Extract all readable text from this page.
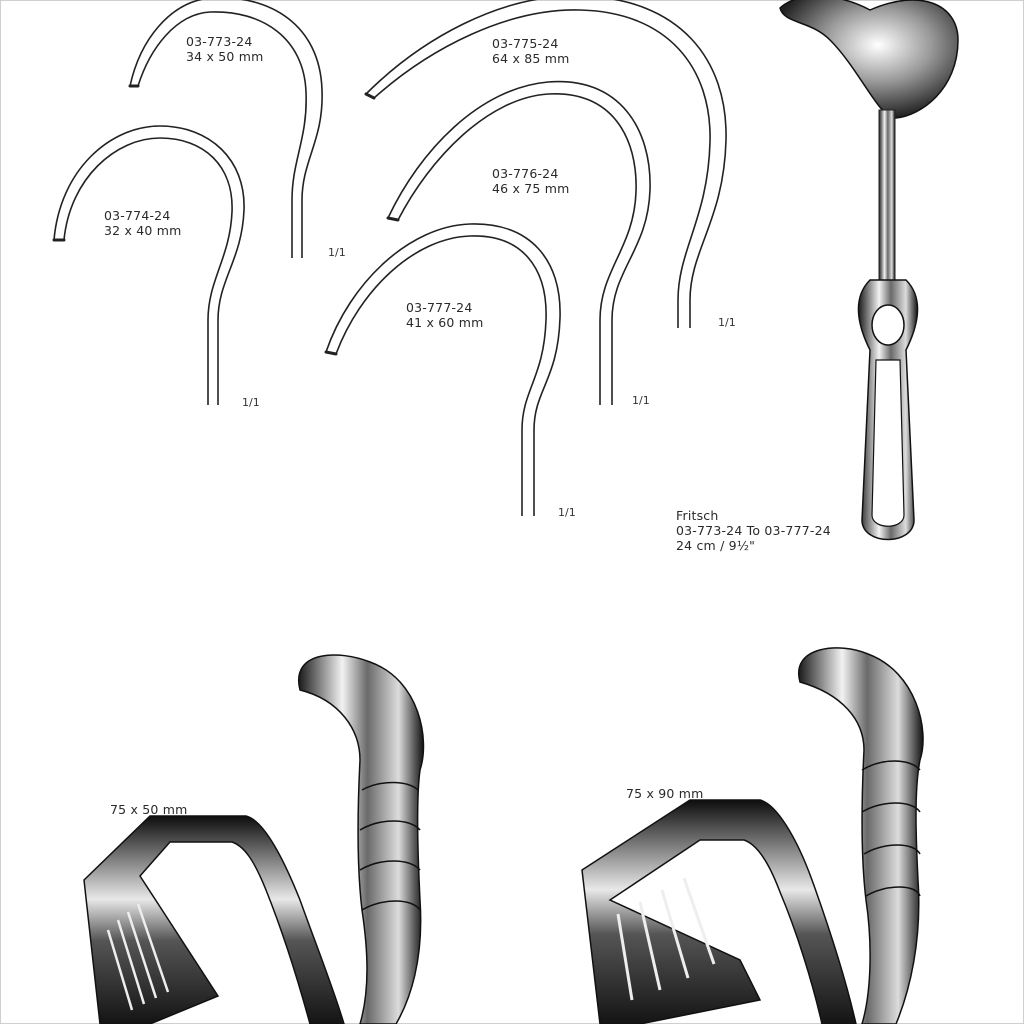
03-773-24
34 x 50 mm
1/1
03-774-24
32 x 40 mm
1/1
03-775-24
64 x 85 mm
1/1
03-776-24
46 x 75 mm
1/1
03-777-24
41 x 60 mm
1/1	Fritsch
03-773-24 To 03-777-24
24 cm / 9½"
75 x 50 mm
75 x 90 mm
